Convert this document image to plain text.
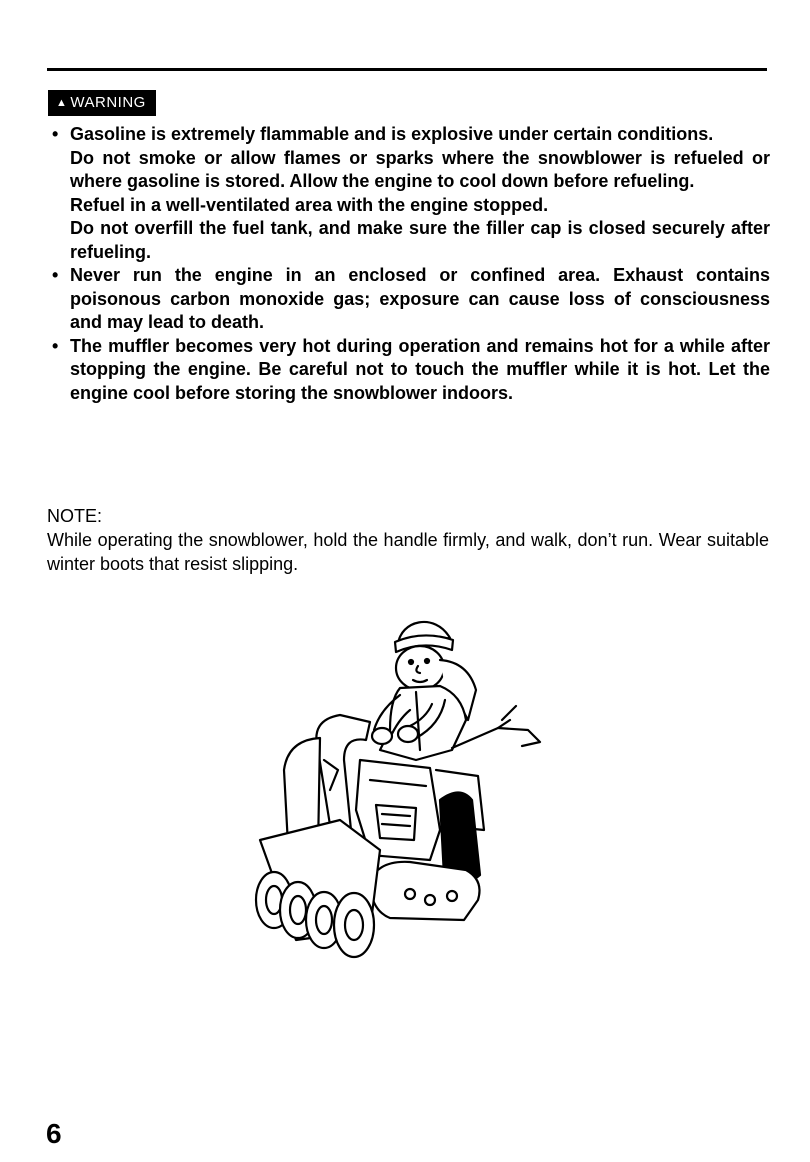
▲ WARNING
• Gasoline is extremely flammable and is explosive under certain conditions.

Do not smoke or allow flames or sparks where the snowblower is refueled or where gasoline is stored. Allow the engine to cool down before refueling.

Refuel in a well-ventilated area with the engine stopped.

Do not overfill the fuel tank, and make sure the filler cap is closed securely after refueling.

• Never run the engine in an enclosed or confined area. Exhaust contains poisonous carbon monoxide gas; exposure can cause loss of consciousness and may lead to death.

• The muffler becomes very hot during operation and remains hot for a while after stopping the engine. Be careful not to touch the muffler while it is hot. Let the engine cool before storing the snowblower indoors.

NOTE:

While operating the snowblower, hold the handle firmly, and walk, don’t run. Wear suitable winter boots that resist slipping.

6
